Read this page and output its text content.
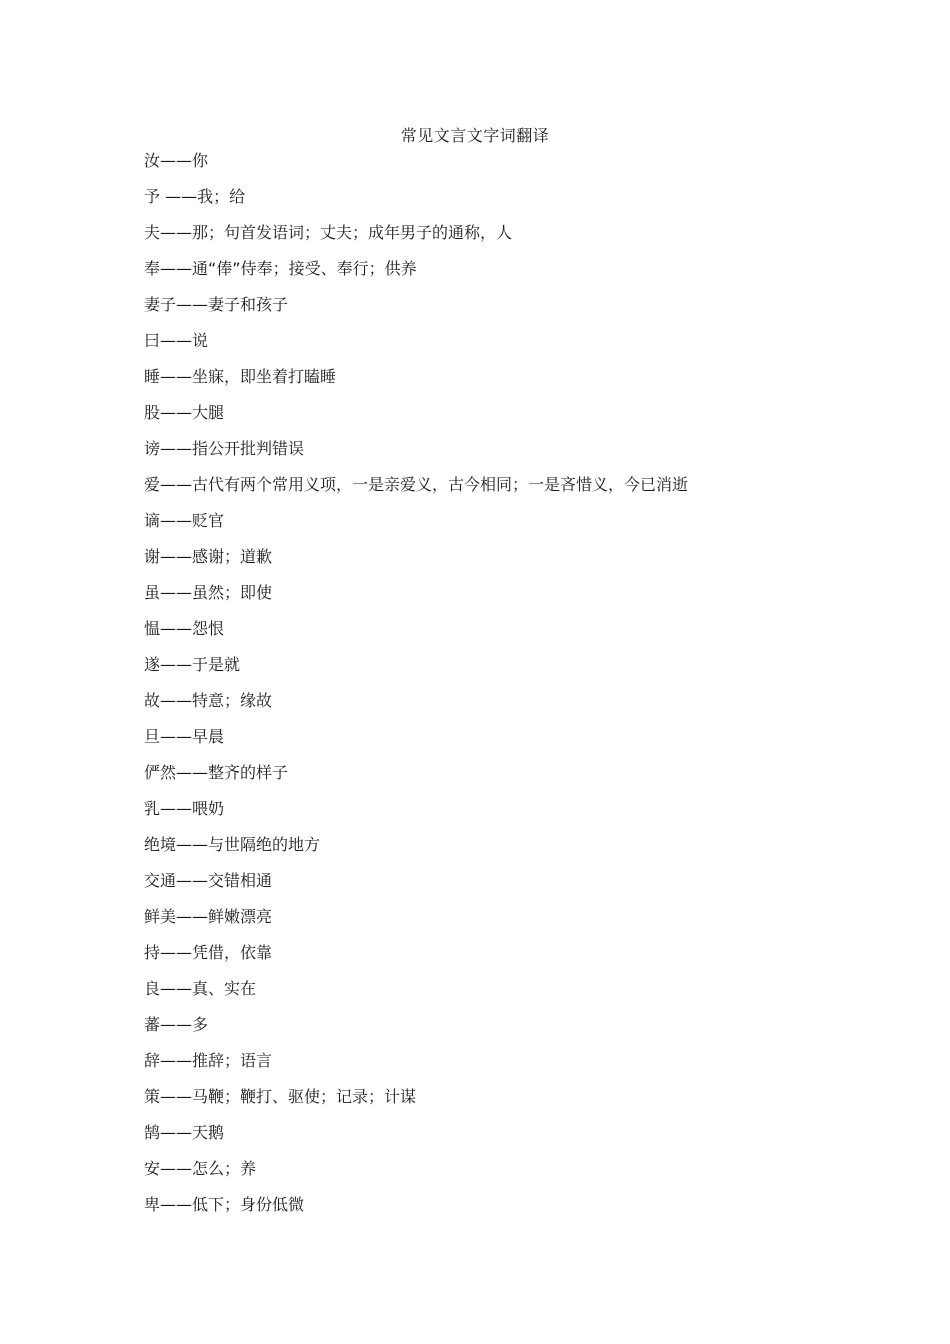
常见文言文字词翻译
汝——你
予 ——我；给
夫——那；句首发语词；丈夫；成年男子的通称，人
奉——通“俸”侍奉；接受、奉行；供养
妻子——妻子和孩子
曰——说
睡——坐寐，即坐着打瞌睡
股——大腿
谤——指公开批判错误
爱——古代有两个常用义项，一是亲爱义，古今相同；一是吝惜义，今已消逝
谪——贬官
谢——感谢；道歉
虽——虽然；即使
愠——怨恨
遂——于是就
故——特意；缘故
旦——早晨
俨然——整齐的样子
乳——喂奶
绝境——与世隔绝的地方
交通——交错相通
鲜美——鲜嫩漂亮
持——凭借，依靠
良——真、实在
蕃——多
辞——推辞；语言
策——马鞭；鞭打、驱使；记录；计谋
鹄——天鹅
安——怎么；养
卑——低下；身份低微
